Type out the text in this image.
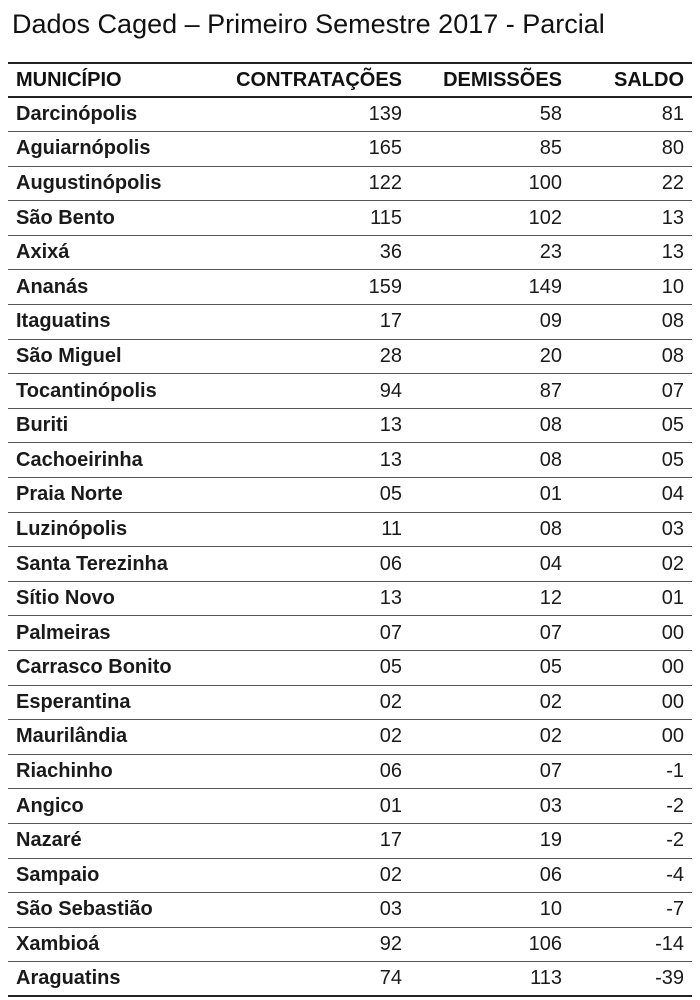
Dados Caged – Primeiro Semestre 2017 - Parcial
MUNICÍPIO	CONTRATAÇÕES	DEMISSÕES	SALDO
Darcinópolis	139	58	81
Aguiarnópolis	165	85	80
Augustinópolis	122	100	22
São Bento	115	102	13
Axixá	36	23	13
Ananás	159	149	10
Itaguatins	17	09	08
São Miguel	28	20	08
Tocantinópolis	94	87	07
Buriti	13	08	05
Cachoeirinha	13	08	05
Praia Norte	05	01	04
Luzinópolis	11	08	03
Santa Terezinha	06	04	02
Sítio Novo	13	12	01
Palmeiras	07	07	00
Carrasco Bonito	05	05	00
Esperantina	02	02	00
Maurilândia	02	02	00
Riachinho	06	07	-1
Angico	01	03	-2
Nazaré	17	19	-2
Sampaio	02	06	-4
São Sebastião	03	10	-7
Xambioá	92	106	-14
Araguatins	74	113	-39
